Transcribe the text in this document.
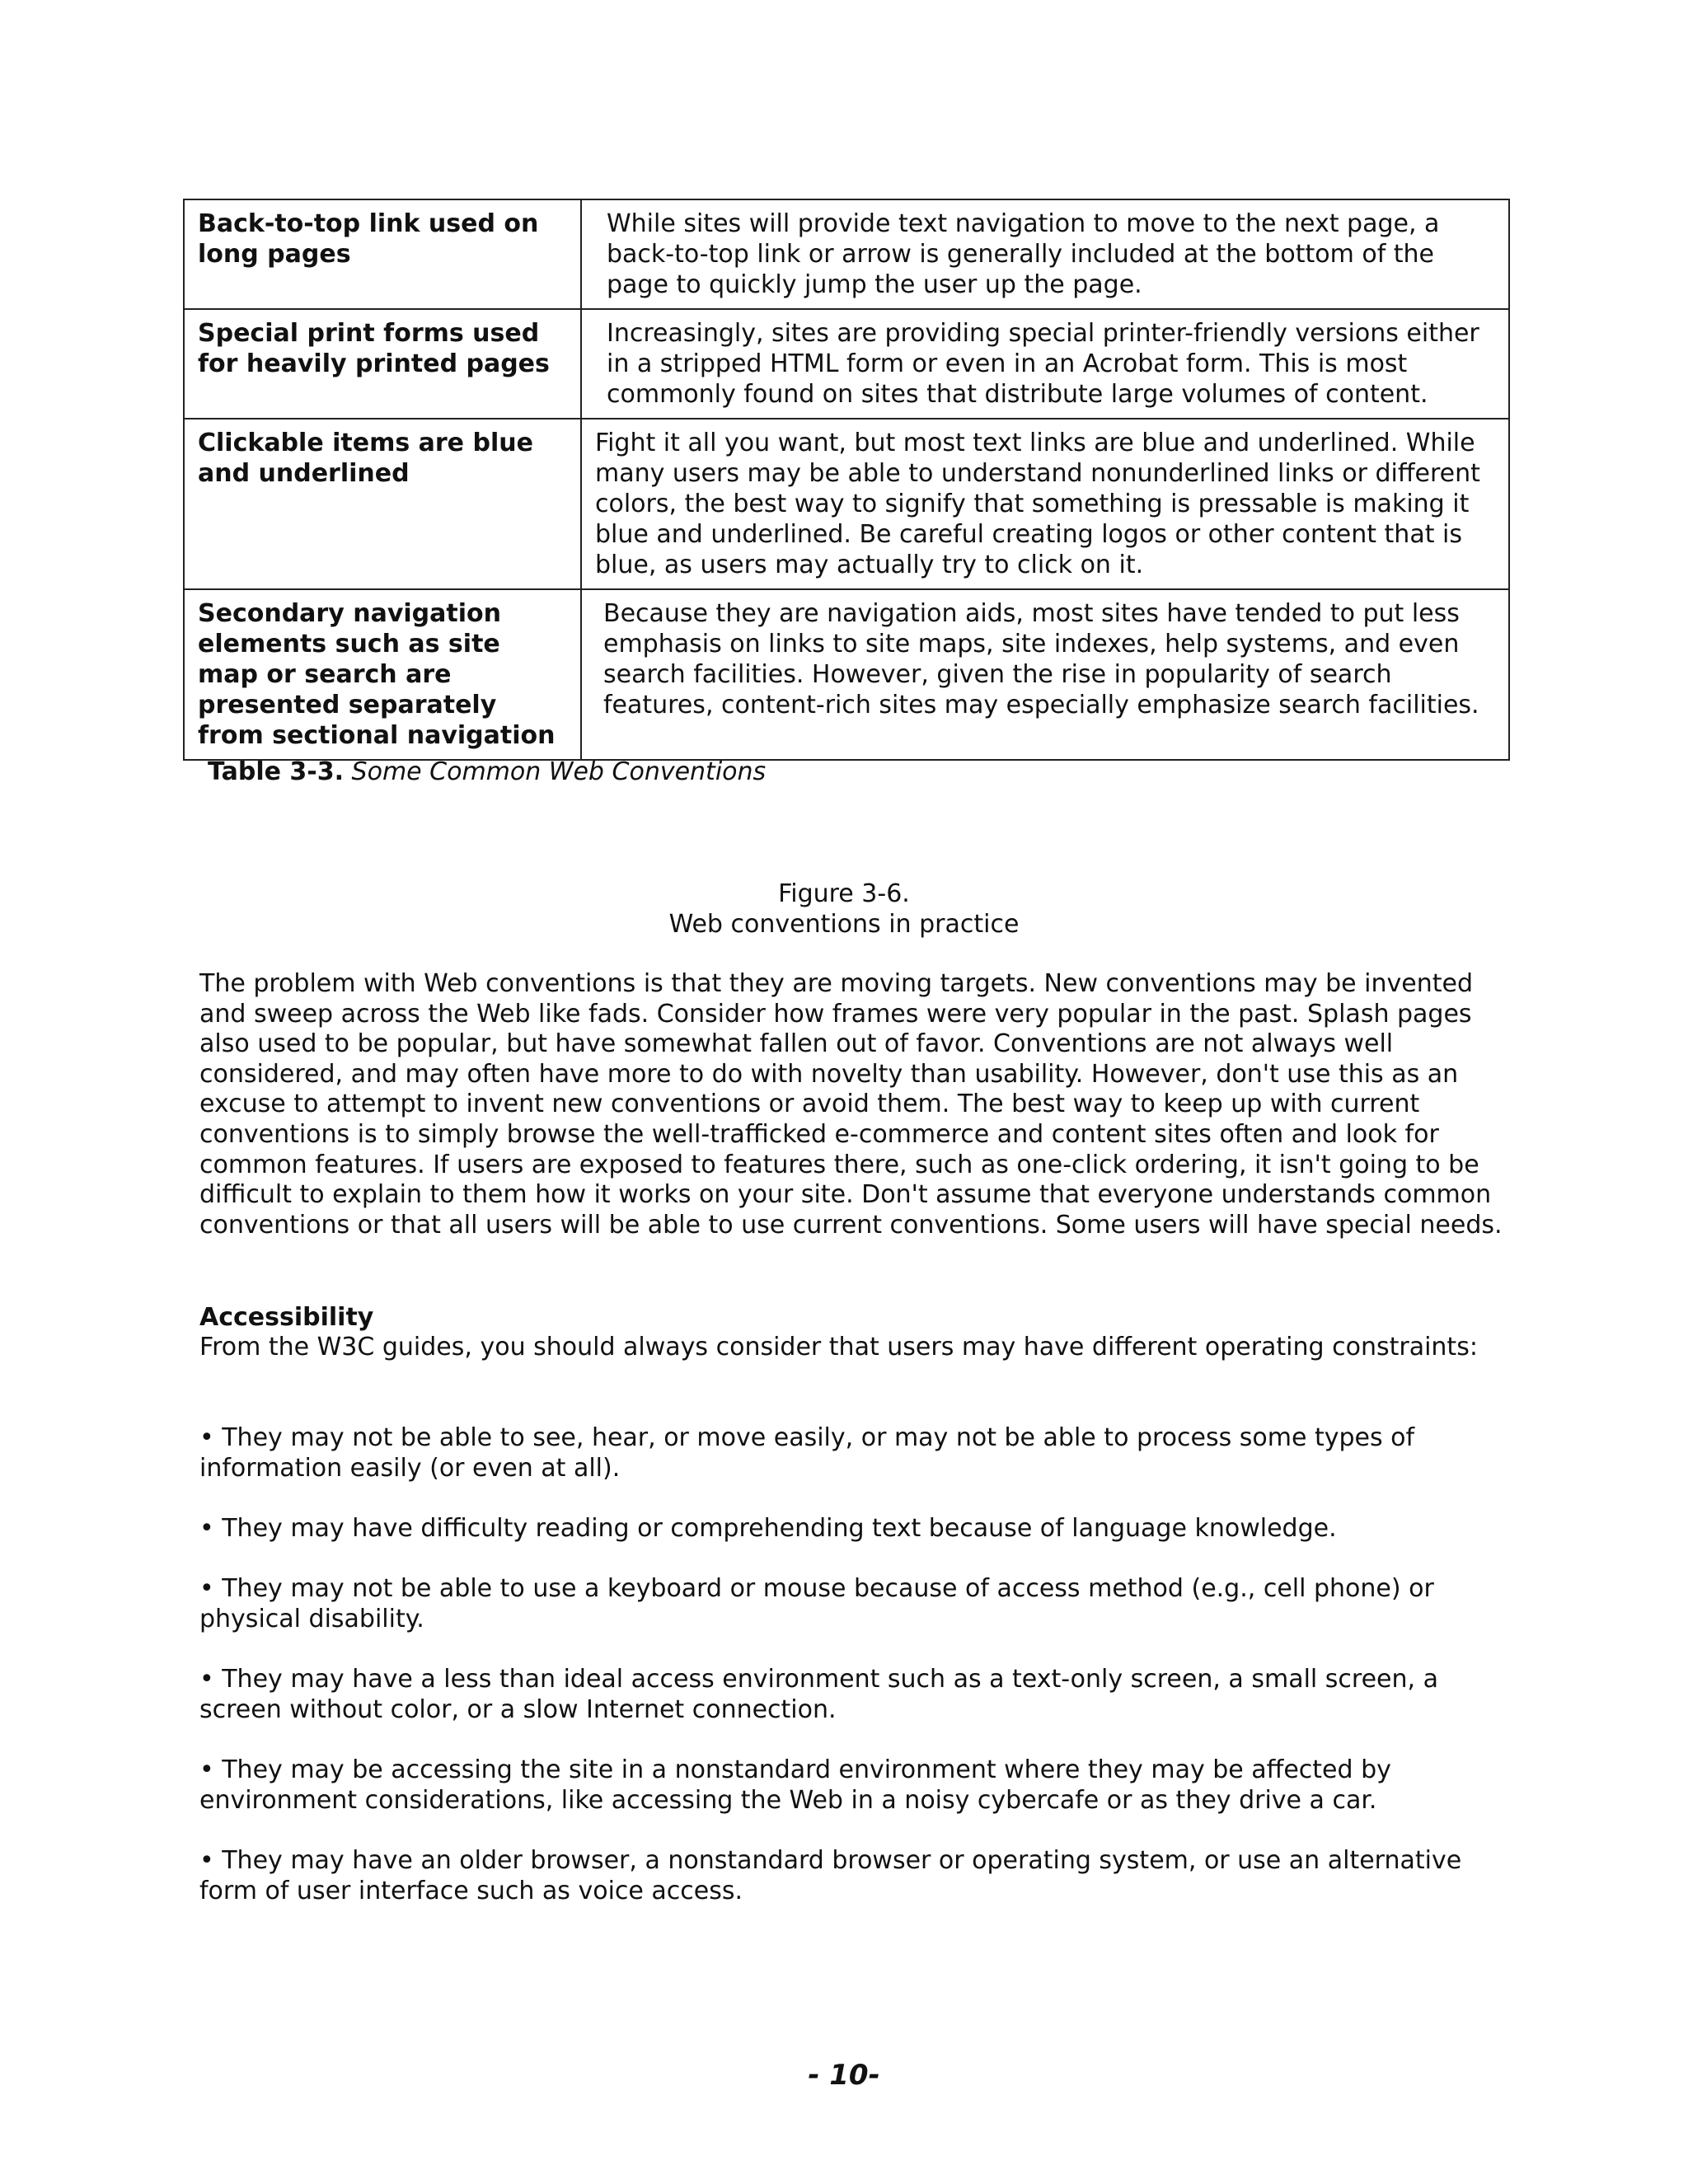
Back-to-top link used on long pages	While sites will provide text navigation to move to the next page, a back-to-top link or arrow is generally included at the bottom of the page to quickly jump the user up the page.
Special print forms used for heavily printed pages	Increasingly, sites are providing special printer-friendly versions either in a stripped HTML form or even in an Acrobat form. This is most commonly found on sites that distribute large volumes of content.
Clickable items are blue and underlined	Fight it all you want, but most text links are blue and underlined. While many users may be able to understand nonunderlined links or different colors, the best way to signify that something is pressable is making it blue and underlined. Be careful creating logos or other content that is blue, as users may actually try to click on it.
Secondary navigation elements such as site map or search are presented separately from sectional navigation	Because they are navigation aids, most sites have tended to put less emphasis on links to site maps, site indexes, help systems, and even search facilities. However, given the rise in popularity of search features, content-rich sites may especially emphasize search facilities.
Table 3-3. Some Common Web Conventions
Figure 3-6.
Web conventions in practice
The problem with Web conventions is that they are moving targets. New conventions may be invented and sweep across the Web like fads. Consider how frames were very popular in the past. Splash pages also used to be popular, but have somewhat fallen out of favor. Conventions are not always well considered, and may often have more to do with novelty than usability. However, don't use this as an excuse to attempt to invent new conventions or avoid them. The best way to keep up with current conventions is to simply browse the well-trafficked e-commerce and content sites often and look for common features. If users are exposed to features there, such as one-click ordering, it isn't going to be difficult to explain to them how it works on your site. Don't assume that everyone understands common conventions or that all users will be able to use current conventions. Some users will have special needs.
Accessibility
From the W3C guides, you should always consider that users may have different operating constraints:
• They may not be able to see, hear, or move easily, or may not be able to process some types of information easily (or even at all).
• They may have difficulty reading or comprehending text because of language knowledge.
• They may not be able to use a keyboard or mouse because of access method (e.g., cell phone) or physical disability.
• They may have a less than ideal access environment such as a text-only screen, a small screen, a screen without color, or a slow Internet connection.
• They may be accessing the site in a nonstandard environment where they may be affected by environment considerations, like accessing the Web in a noisy cybercafe or as they drive a car.
• They may have an older browser, a nonstandard browser or operating system, or use an alternative form of user interface such as voice access.
- 10-
